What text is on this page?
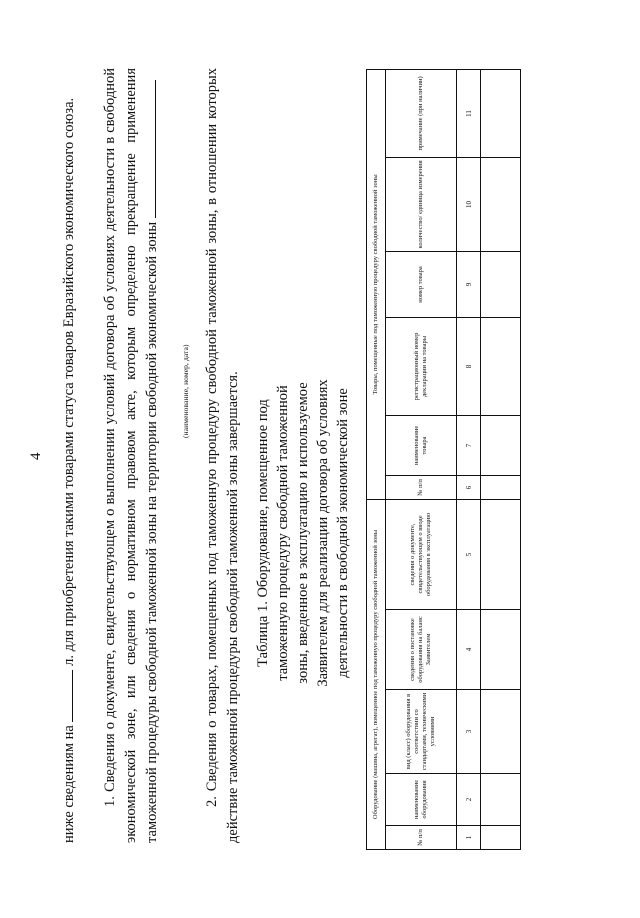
4
ниже сведениям на  л. для приобретения такими товарами статуса товаров Евразийского экономического союза. 1. Сведения о документе, свидетельствующем о выполнении условий договора об условиях деятельности в свободной экономической зоне, или сведения о нормативном правовом акте, которым определено прекращение применения таможенной процедуры свободной таможенной зоны на территории свободной экономической зоны	(наименование, номер, дата) 2. Сведения о товарах, помещенных под таможенную процедуру свободной таможенной зоны, в отношении которых действие таможенной процедуры свободной таможенной зоны завершается. Таблица 1. Оборудование, помещенное под таможенную процедуру свободной таможенной зоны, введенное в эксплуатацию и используемое Заявителем для реализации договора об условиях деятельности в свободной экономической зоне	Оборудование (машина, агрегат), помещенное под таможенную процедуру свободной таможенной зоны					Товары, помещенные под таможенную процедуру свободной таможенной зоны					
№ п/п	наименование оборудования	вид (класс) оборудования в соответствии со стандартами, техническими условиями	сведения о постановке оборудования на баланс Заявителем	сведения о документе, свидетельствующем о вводе оборудования в эксплуатацию	№ п/п	наименование товара	регистрационный номер декларации на товары	номер товара	количество/ единица измерения	примечание (при наличии)
1	2	3	4	5	6	7	8	9	10	11
